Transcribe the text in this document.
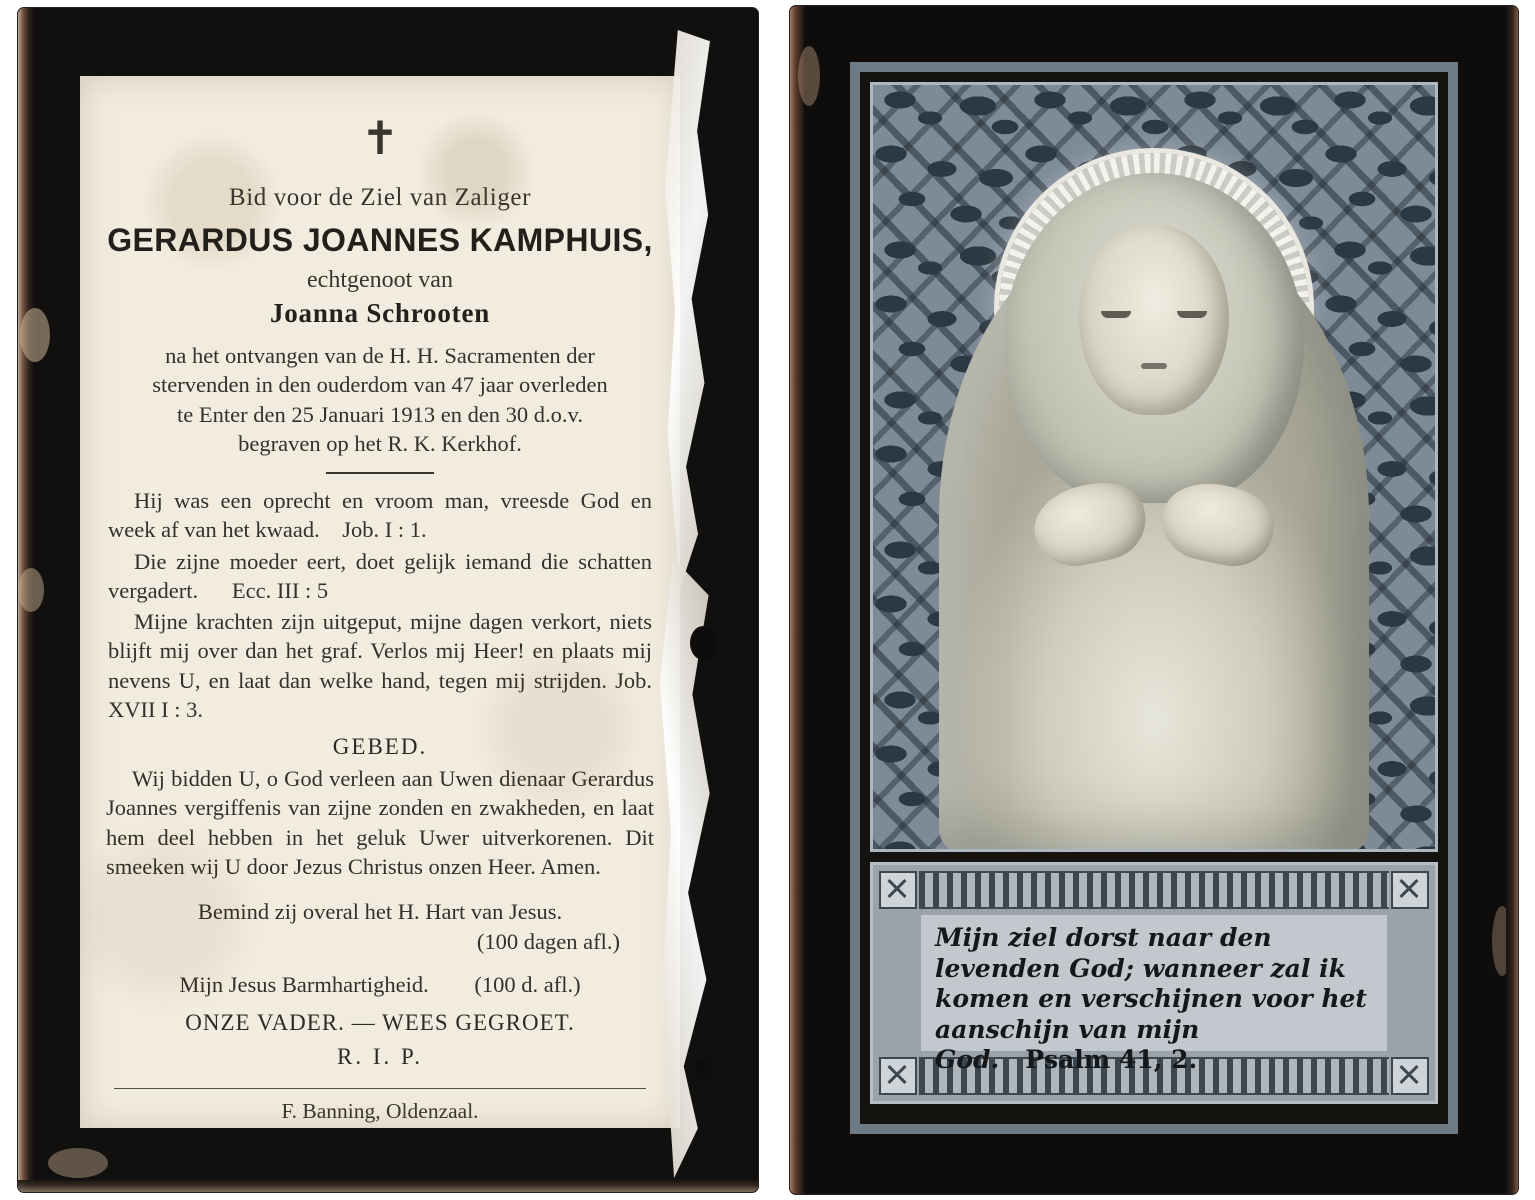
✝
Bid voor de Ziel van Zaliger
GERARDUS JOANNES KAMPHUIS,
echtgenoot van
Joanna Schrooten
na het ontvangen van de H. H. Sacramenten der
stervenden in den ouderdom van 47 jaar overleden
te Enter den 25 Januari 1913 en den 30 d.o.v.
begraven op het R. K. Kerkhof.

Hij was een oprecht en vroom man, vreesde God en week af van het kwaad.    Job. I : 1.

Die zijne moeder eert, doet gelijk iemand die schatten vergadert.      Ecc. III : 5

Mijne krachten zijn uitgeput, mijne dagen verkort, niets blijft mij over dan het graf. Verlos mij Heer! en plaats mij nevens U, en laat dan welke hand, tegen mij strijden. Job. XVII I : 3.

GEBED.
Wij bidden U, o God verleen aan Uwen dienaar Gerardus Joannes vergiffenis van zijne zonden en zwakheden, en laat hem deel hebben in het geluk Uwer uitverkorenen. Dit smeeken wij U door Jezus Christus onzen Heer. Amen.
Bemind zij overal het H. Hart van Jesus.
(100 dagen afl.)
Mijn Jesus Barmhartigheid. (100 d. afl.)
ONZE VADER. — WEES GEGROET.
R. I. P.
F. Banning, Oldenzaal.
Mijn ziel dorst naar den levenden God; wanneer zal ik komen en verschijnen voor het aanschijn van mijn God. Psalm 41, 2.
